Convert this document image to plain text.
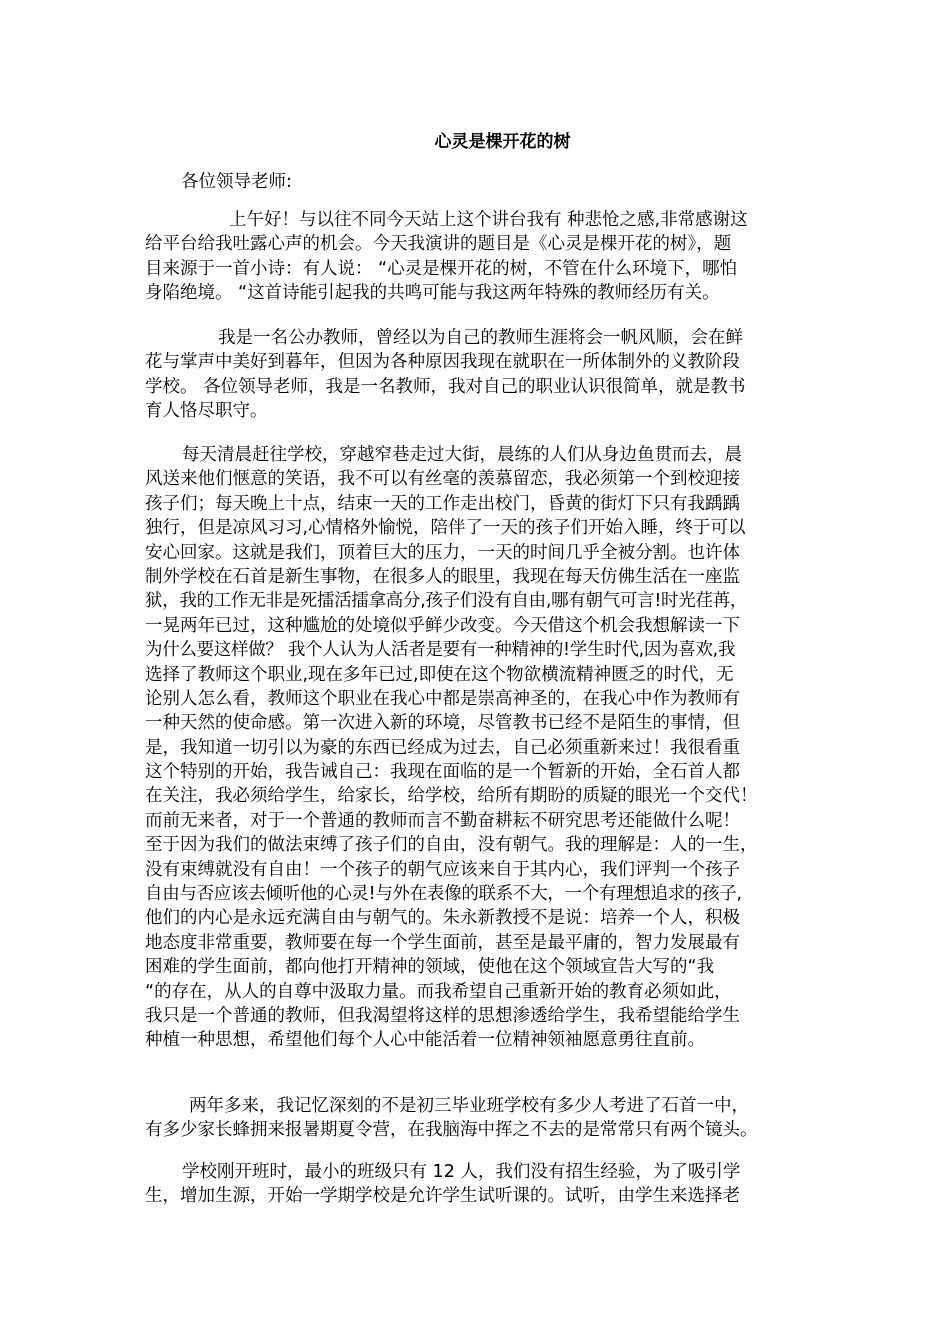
心灵是棵开花的树
各位领导老师:
上午好！与以往不同今天站上这个讲台我有 种悲怆之感,非常感谢这
给平台给我吐露心声的机会。今天我演讲的题目是《心灵是棵开花的树》，题
目来源于一首小诗：有人说： “心灵是棵开花的树，不管在什么环境下，哪怕
身陷绝境。 “这首诗能引起我的共鸣可能与我这两年特殊的教师经历有关。
我是一名公办教师，曾经以为自己的教师生涯将会一帆风顺，会在鲜
花与掌声中美好到暮年，但因为各种原因我现在就职在一所体制外的义教阶段
学校。 各位领导老师，我是一名教师，我对自己的职业认识很简单，就是教书
育人恪尽职守。
每天清晨赶往学校，穿越窄巷走过大街，晨练的人们从身边鱼贯而去，晨
风送来他们惬意的笑语，我不可以有丝毫的羡慕留恋，我必须第一个到校迎接
孩子们；每天晚上十点，结束一天的工作走出校门，昏黄的街灯下只有我踽踽
独行，但是凉风习习,心情格外愉悦，陪伴了一天的孩子们开始入睡，终于可以
安心回家。这就是我们，顶着巨大的压力，一天的时间几乎全被分割。也许体
制外学校在石首是新生事物，在很多人的眼里，我现在每天仿佛生活在一座监
狱，我的工作无非是死擂活擂拿高分,孩子们没有自由,哪有朝气可言!时光荏苒，
一晃两年已过，这种尴尬的处境似乎鲜少改变。今天借这个机会我想解读一下
为什么要这样做？ 我个人认为人活者是要有一种精神的!学生时代,因为喜欢,我
选择了教师这个职业,现在多年已过,即使在这个物欲横流精神匮乏的时代，无
论别人怎么看，教师这个职业在我心中都是崇高神圣的，在我心中作为教师有
一种天然的使命感。第一次进入新的环境，尽管教书已经不是陌生的事情，但
是，我知道一切引以为豪的东西已经成为过去，自己必须重新来过！我很看重
这个特别的开始，我告诫自己：我现在面临的是一个暂新的开始，全石首人都
在关注，我必须给学生，给家长，给学校，给所有期盼的质疑的眼光一个交代！
而前无来者，对于一个普通的教师而言不勤奋耕耘不研究思考还能做什么呢！
至于因为我们的做法束缚了孩子们的自由，没有朝气。我的理解是：人的一生，
没有束缚就没有自由！一个孩子的朝气应该来自于其内心，我们评判一个孩子
自由与否应该去倾听他的心灵!与外在表像的联系不大，一个有理想追求的孩子,
他们的内心是永远充满自由与朝气的。朱永新教授不是说：培养一个人，积极
地态度非常重要，教师要在每一个学生面前，甚至是最平庸的，智力发展最有
困难的学生面前，都向他打开精神的领域，使他在这个领域宣告大写的“我
“的存在，从人的自尊中汲取力量。而我希望自己重新开始的教育必须如此，
我只是一个普通的教师，但我渴望将这样的思想渗透给学生，我希望能给学生
种植一种思想，希望他们每个人心中能活着一位精神领袖愿意勇往直前。
两年多来，我记忆深刻的不是初三毕业班学校有多少人考进了石首一中，
有多少家长蜂拥来报暑期夏令营，在我脑海中挥之不去的是常常只有两个镜头。
学校刚开班时，最小的班级只有 12 人，我们没有招生经验，为了吸引学
生，增加生源，开始一学期学校是允许学生试听课的。试听，由学生来选择老
